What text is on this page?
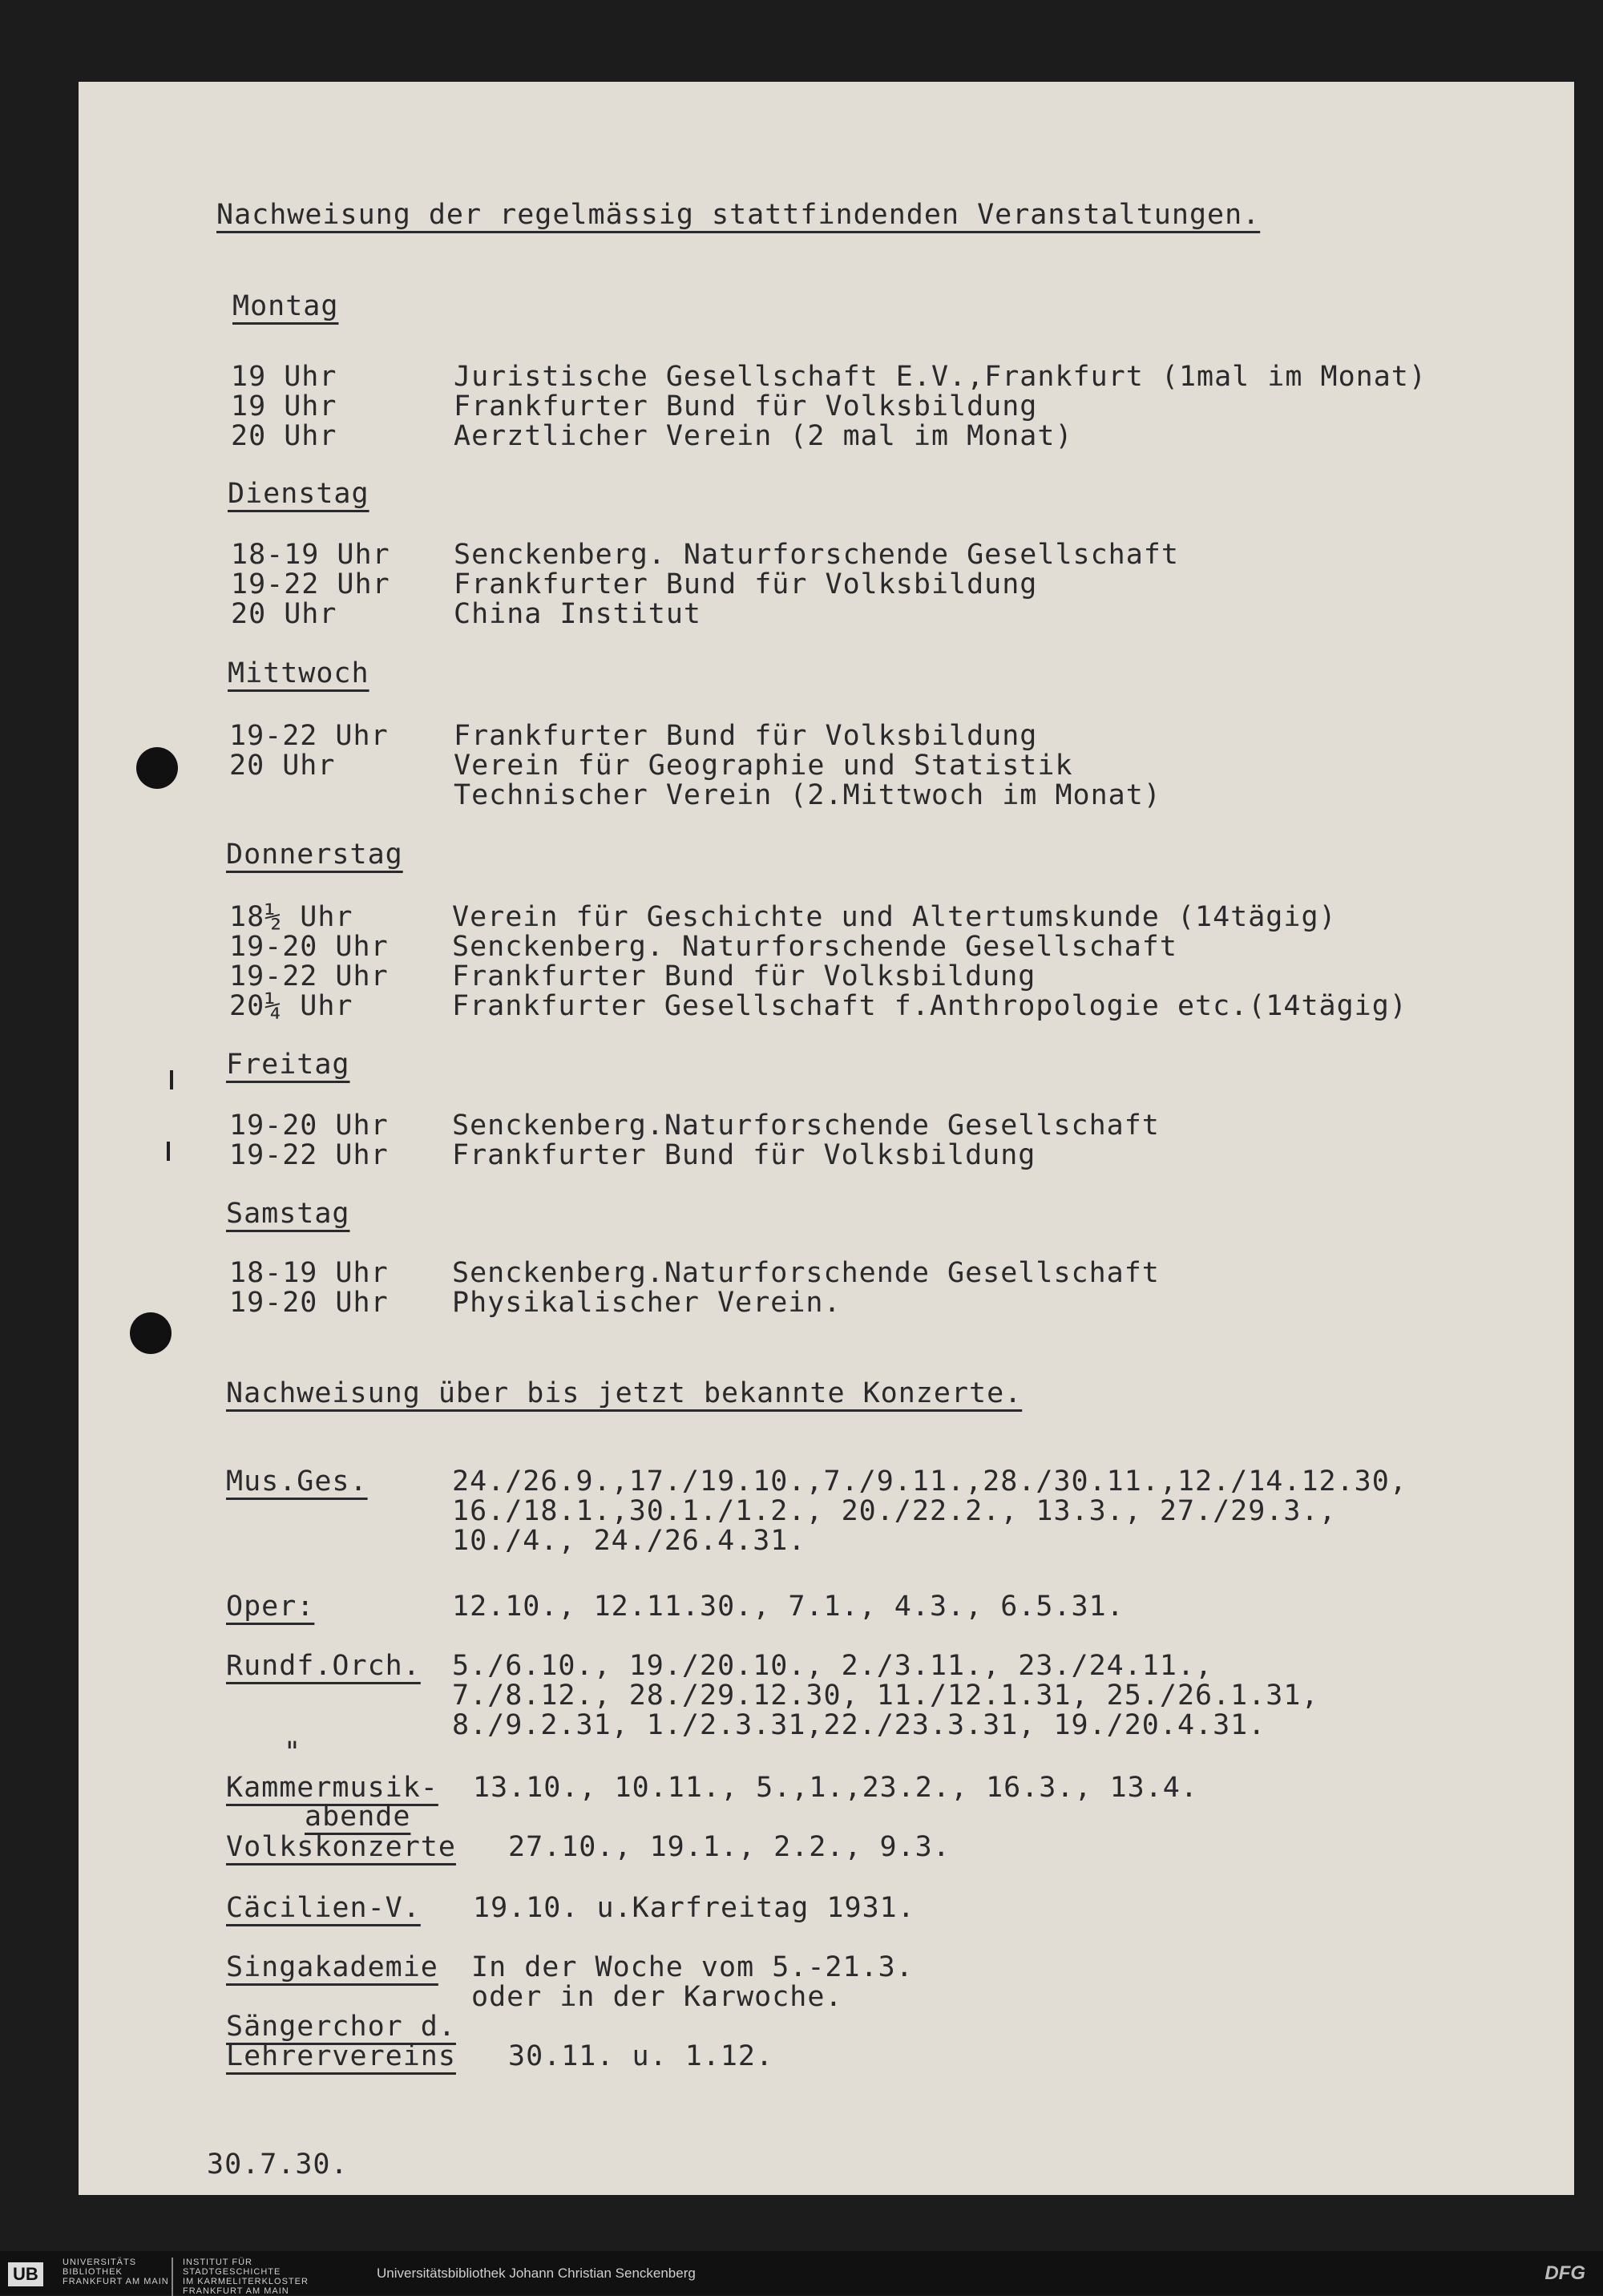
Nachweisung der regelmässig stattfindenden Veranstaltungen.
Montag
19 Uhr	Juristische Gesellschaft E.V.,Frankfurt (1mal im Monat)
19 Uhr	Frankfurter Bund für Volksbildung
20 Uhr	Aerztlicher Verein (2 mal im Monat)
Dienstag
18-19 Uhr Senckenberg. Naturforschende Gesellschaft
19-22 Uhr Frankfurter Bund für Volksbildung
20 Uhr	China Institut
Mittwoch
19-22 Uhr Frankfurter Bund für Volksbildung
20 Uhr	Verein für Geographie und Statistik
Technischer Verein (2.Mittwoch im Monat)
Donnerstag
18½ Uhr	Verein für Geschichte und Altertumskunde (14tägig)
19-20 Uhr Senckenberg. Naturforschende Gesellschaft
19-22 Uhr Frankfurter Bund für Volksbildung
20¼ Uhr	Frankfurter Gesellschaft f.Anthropologie etc.(14tägig)
Freitag
19-20 Uhr Senckenberg.Naturforschende Gesellschaft
19-22 Uhr Frankfurter Bund für Volksbildung
Samstag
18-19 Uhr Senckenberg.Naturforschende Gesellschaft
19-20 Uhr Physikalischer Verein.
Nachweisung über bis jetzt bekannte Konzerte.
Mus.Ges.	24./26.9.,17./19.10.,7./9.11.,28./30.11.,12./14.12.30,
16./18.1.,30.1./1.2., 20./22.2., 13.3., 27./29.3.,
10./4., 24./26.4.31.
Oper:	12.10., 12.11.30., 7.1., 4.3., 6.5.31.
Rundf.Orch. 5./6.10., 19./20.10., 2./3.11., 23./24.11.,
7./8.12., 28./29.12.30, 11./12.1.31, 25./26.1.31,
8./9.2.31, 1./2.3.31,22./23.3.31, 19./20.4.31.
"
Kammermusik-
abende
13.10., 10.11., 5.,1.,23.2., 16.3., 13.4.
Volkskonzerte 27.10., 19.1., 2.2., 9.3.
Cäcilien-V. 19.10. u.Karfreitag 1931.
Singakademie In der Woche vom 5.-21.3.
oder in der Karwoche.
Sängerchor d.
Lehrervereins 30.11. u. 1.12.
30.7.30.
UB
UNIVERSITÄTS
BIBLIOTHEK
FRANKFURT AM MAIN
INSTITUT FÜR
STADTGESCHICHTE
IM KARMELITERKLOSTER
FRANKFURT AM MAIN
Universitätsbibliothek Johann Christian Senckenberg	DFG
